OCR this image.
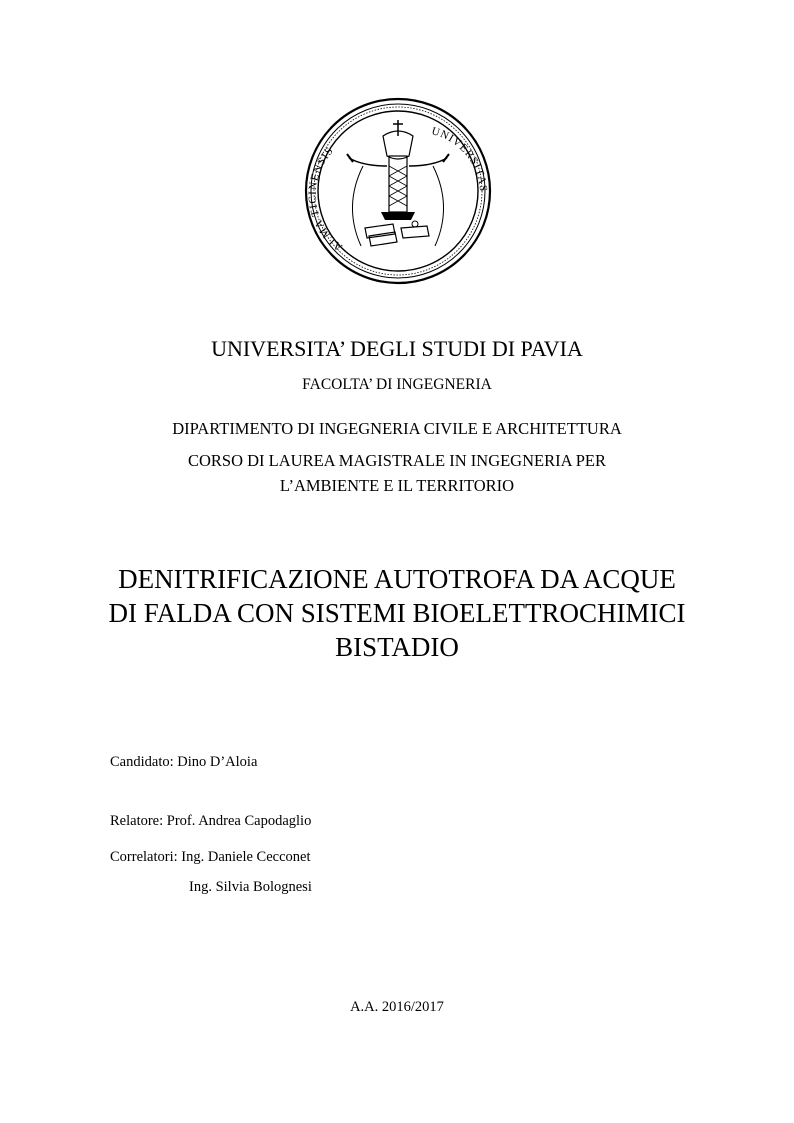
ALMA TICINENSIS
UNIVERSITAS
UNIVERSITA’ DEGLI STUDI DI PAVIA
FACOLTA’ DI INGEGNERIA
DIPARTIMENTO DI INGEGNERIA CIVILE E ARCHITETTURA
CORSO DI LAUREA MAGISTRALE IN INGEGNERIA PER
L’AMBIENTE E IL TERRITORIO
DENITRIFICAZIONE AUTOTROFA DA ACQUE
DI FALDA CON SISTEMI BIOELETTROCHIMICI
BISTADIO
Candidato: Dino D’Aloia
Relatore: Prof. Andrea Capodaglio
Correlatori: Ing. Daniele Cecconet
Ing. Silvia Bolognesi
A.A. 2016/2017
